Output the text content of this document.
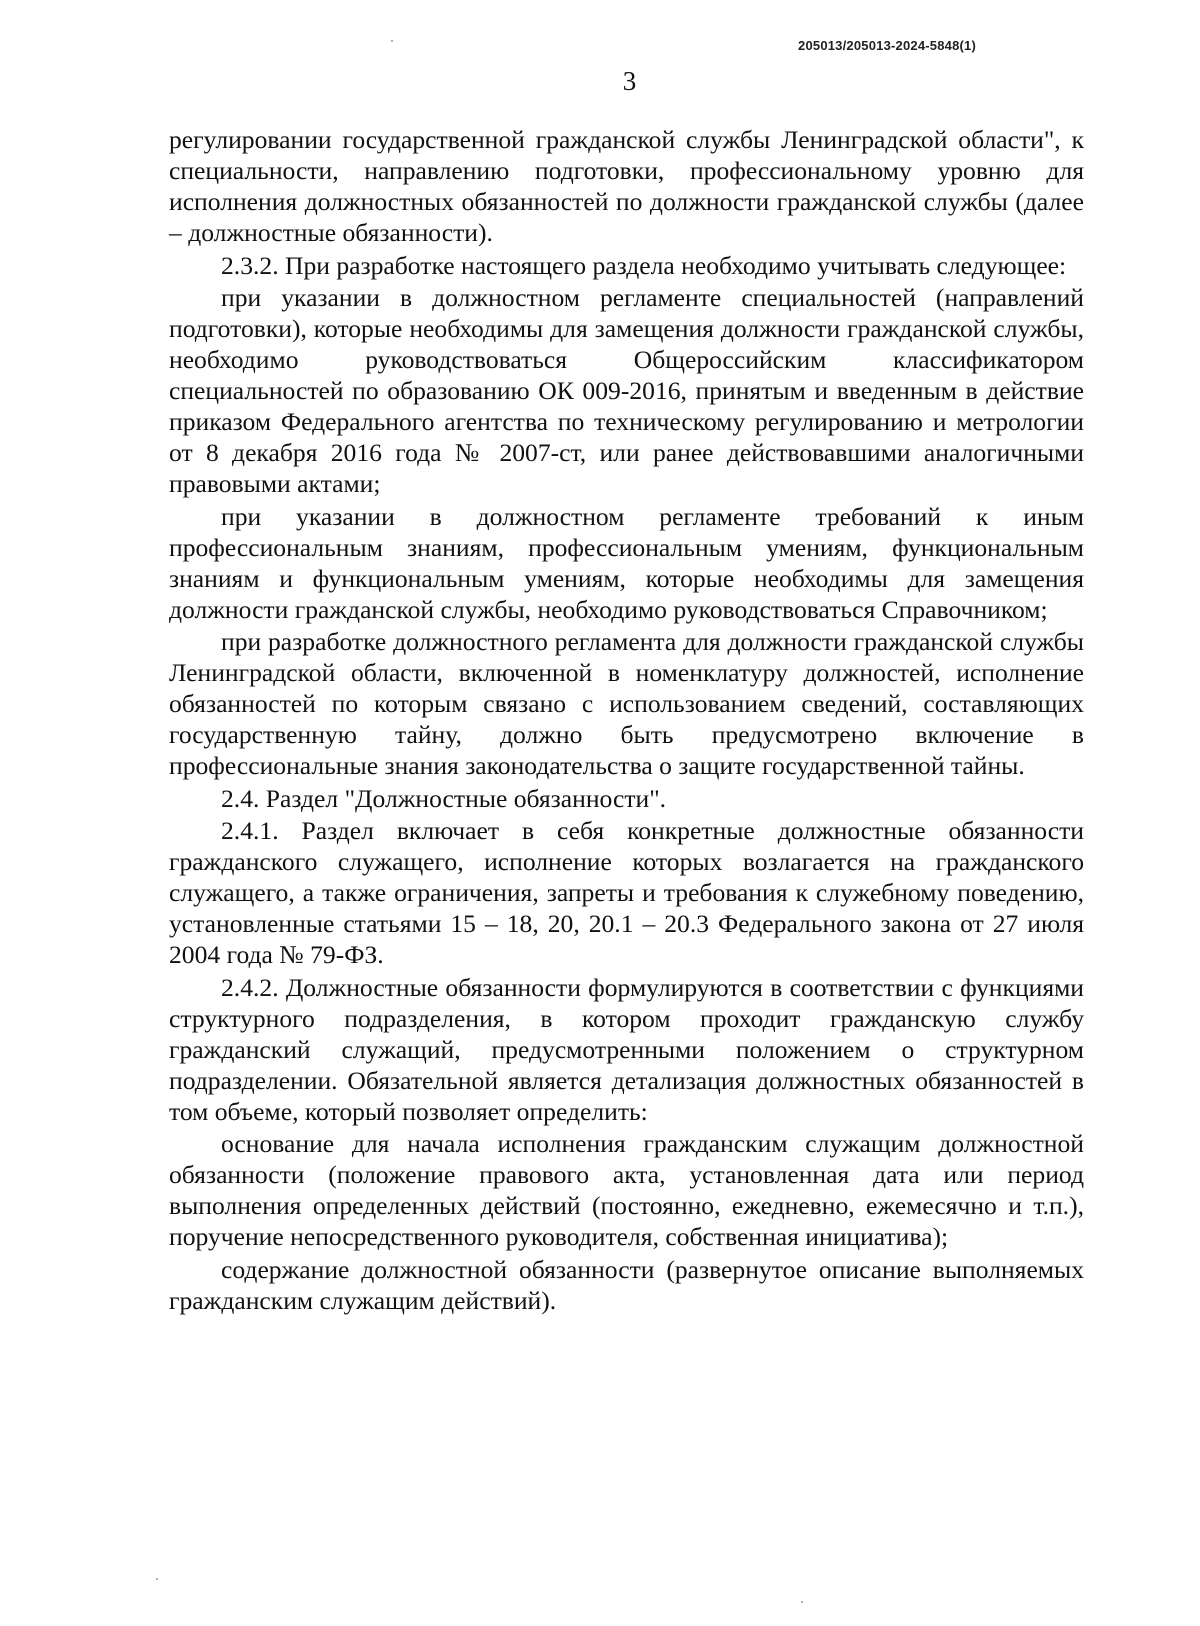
205013/205013-2024-5848(1)
3

регулировании государственной гражданской службы Ленинградской области", к специальности, направлению подготовки, профессиональному уровню для исполнения должностных обязанностей по должности гражданской службы (далее – должностные обязанности).

2.3.2. При разработке настоящего раздела необходимо учитывать следующее:

при указании в должностном регламенте специальностей (направлений подготовки), которые необходимы для замещения должности гражданской службы, необходимо руководствоваться Общероссийским классификатором специальностей по образованию ОК 009-2016, принятым и введенным в действие приказом Федерального агентства по техническому регулированию и метрологии от 8 декабря 2016 года № 2007-ст, или ранее действовавшими аналогичными правовыми актами;

при указании в должностном регламенте требований к иным профессиональным знаниям, профессиональным умениям, функциональным знаниям и функциональным умениям, которые необходимы для замещения должности гражданской службы, необходимо руководствоваться Справочником;

при разработке должностного регламента для должности гражданской службы Ленинградской области, включенной в номенклатуру должностей, исполнение обязанностей по которым связано с использованием сведений, составляющих государственную тайну, должно быть предусмотрено включение в профессиональные знания законодательства о защите государственной тайны.

2.4. Раздел "Должностные обязанности".

2.4.1. Раздел включает в себя конкретные должностные обязанности гражданского служащего, исполнение которых возлагается на гражданского служащего, а также ограничения, запреты и требования к служебному поведению, установленные статьями 15 – 18, 20, 20.1 – 20.3 Федерального закона от 27 июля 2004 года № 79-ФЗ.

2.4.2. Должностные обязанности формулируются в соответствии с функциями структурного подразделения, в котором проходит гражданскую службу гражданский служащий, предусмотренными положением о структурном подразделении. Обязательной является детализация должностных обязанностей в том объеме, который позволяет определить:

основание для начала исполнения гражданским служащим должностной обязанности (положение правового акта, установленная дата или период выполнения определенных действий (постоянно, ежедневно, ежемесячно и т.п.), поручение непосредственного руководителя, собственная инициатива);

содержание должностной обязанности (развернутое описание выполняемых гражданским служащим действий).
